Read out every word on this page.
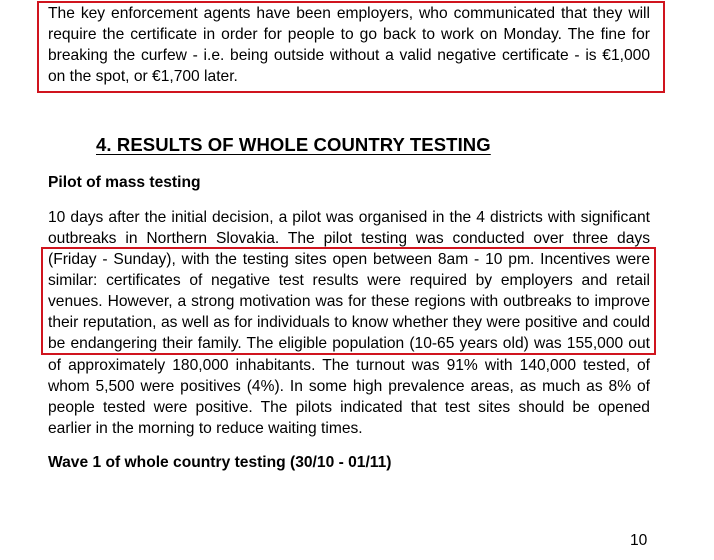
The key enforcement agents have been employers, who communicated that they will
require the certificate in order for people to go back to work on Monday. The fine for
breaking the curfew - i.e. being outside without a valid negative certificate - is €1,000
on the spot, or €1,700 later.
4. RESULTS OF WHOLE COUNTRY TESTING
Pilot of mass testing
10 days after the initial decision, a pilot was organised in the 4 districts with significant
outbreaks in Northern Slovakia. The pilot testing was conducted over three days
(Friday - Sunday), with the testing sites open between 8am - 10 pm. Incentives were
similar: certificates of negative test results were required by employers and retail
venues. However, a strong motivation was for these regions with outbreaks to improve
their reputation, as well as for individuals to know whether they were positive and could
be endangering their family. The eligible population (10-65 years old) was 155,000 out
of approximately 180,000 inhabitants. The turnout was 91% with 140,000 tested, of
whom 5,500 were positives (4%). In some high prevalence areas, as much as 8% of
people tested were positive. The pilots indicated that test sites should be opened
earlier in the morning to reduce waiting times.
Wave 1 of whole country testing (30/10 - 01/11)
10
